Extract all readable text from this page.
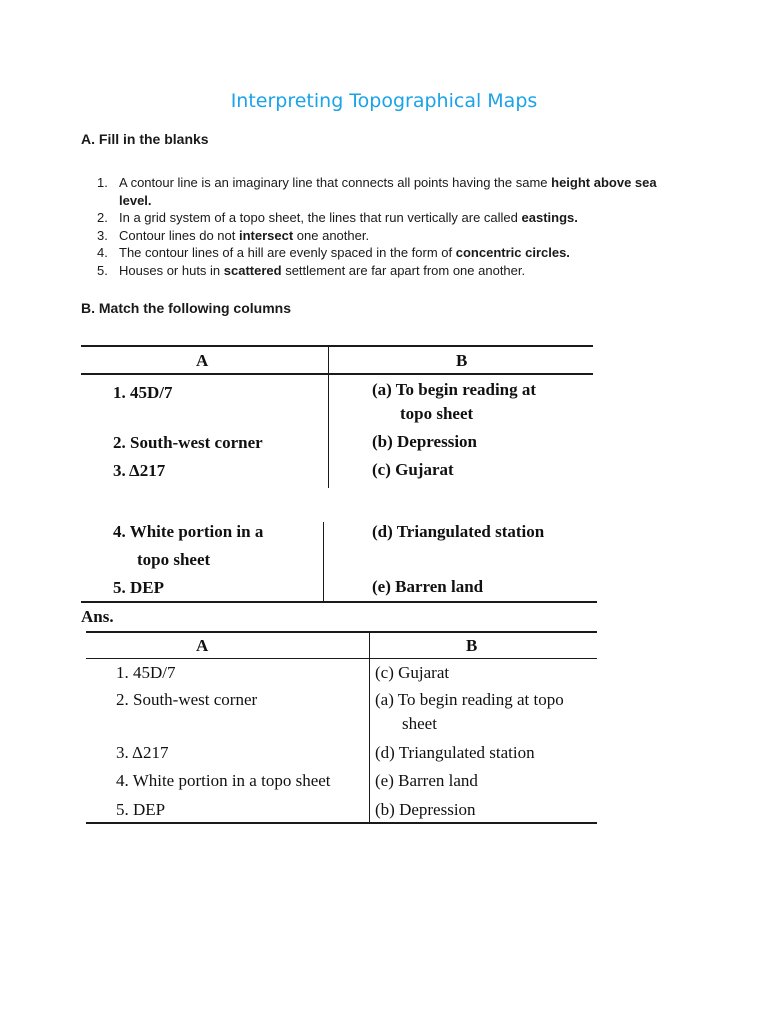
Interpreting Topographical Maps
A. Fill in the blanks
1. A contour line is an imaginary line that connects all points having the same height above sea level.
2. In a grid system of a topo sheet, the lines that run vertically are called eastings.
3. Contour lines do not intersect one another.
4. The contour lines of a hill are evenly spaced in the form of concentric circles.
5. Houses or huts in scattered settlement are far apart from one another.
B. Match the following columns
A	B
1. 45D/7
2. South-west corner
3. Δ217
(a) To begin reading at
topo sheet
(b) Depression
(c) Gujarat
4. White portion in a
topo sheet
5. DEP
(d) Triangulated station
(e) Barren land
Ans.
A	B
1. 45D/7
2. South-west corner
3. Δ217
4. White portion in a topo sheet
5. DEP
(c) Gujarat
(a) To begin reading at topo
sheet
(d) Triangulated station
(e) Barren land
(b) Depression
